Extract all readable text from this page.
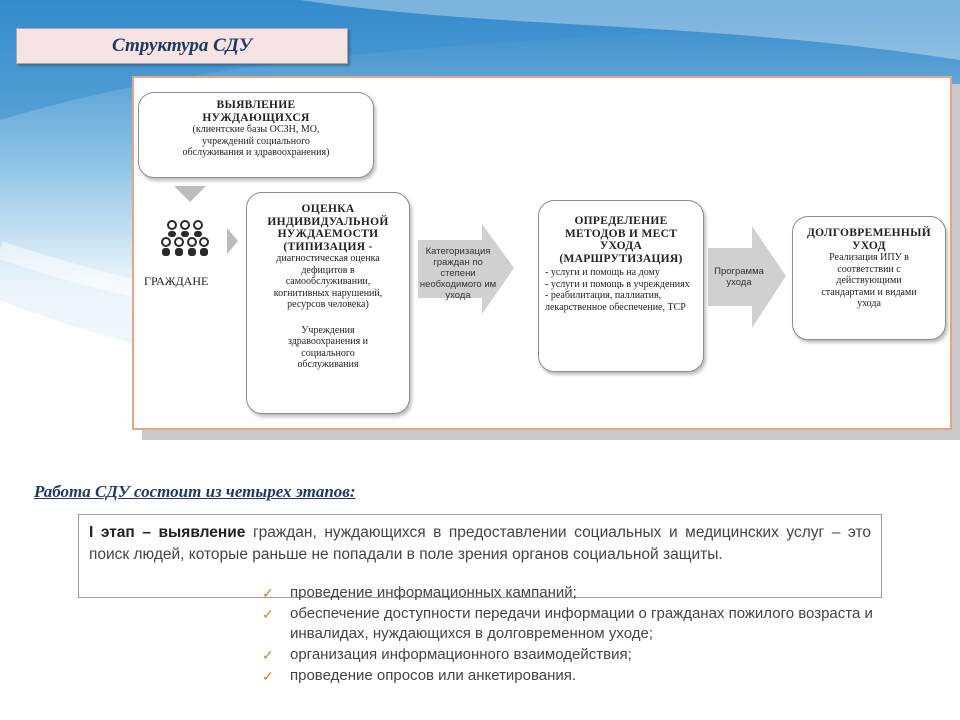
Структура СДУ
ВЫЯВЛЕНИЕ
НУЖДАЮЩИХСЯ
(клиентские базы ОСЗН, МО,
учреждений социального
обслуживания и здравоохранения)
ГРАЖДАНЕ
ОЦЕНКА
ИНДИВИДУАЛЬНОЙ
НУЖДАЕМОСТИ
(ТИПИЗАЦИЯ -
диагностическая оценка
дефицитов в
самообслуживании,
когнитивных нарушений,
ресурсов человека)
Учреждения
здравоохранения и
социального
обслуживания
Категоризация
граждан по степени
необходимого им
ухода
ОПРЕДЕЛЕНИЕ
МЕТОДОВ И МЕСТ
УХОДА
(МАРШРУТИЗАЦИЯ)
- услуги и помощь на дому
- услуги и помощь в учреждениях
- реабилитация, паллиатив, лекарственное обеспечение, ТСР
Программа
ухода
ДОЛГОВРЕМЕННЫЙ
УХОД
Реализация ИПУ в
соответствии с
действующими
стандартами и видами
ухода
Работа СДУ состоит из четырех этапов:
I этап – выявление граждан, нуждающихся в предоставлении социальных и медицинских услуг – это поиск людей, которые раньше не попадали в поле зрения органов социальной защиты.
✓ проведение информационных кампаний;
✓ обеспечение доступности передачи информации о гражданах пожилого возраста и инвалидах, нуждающихся в долговременном уходе;
✓ организация информационного взаимодействия;
✓ проведение опросов или анкетирования.
